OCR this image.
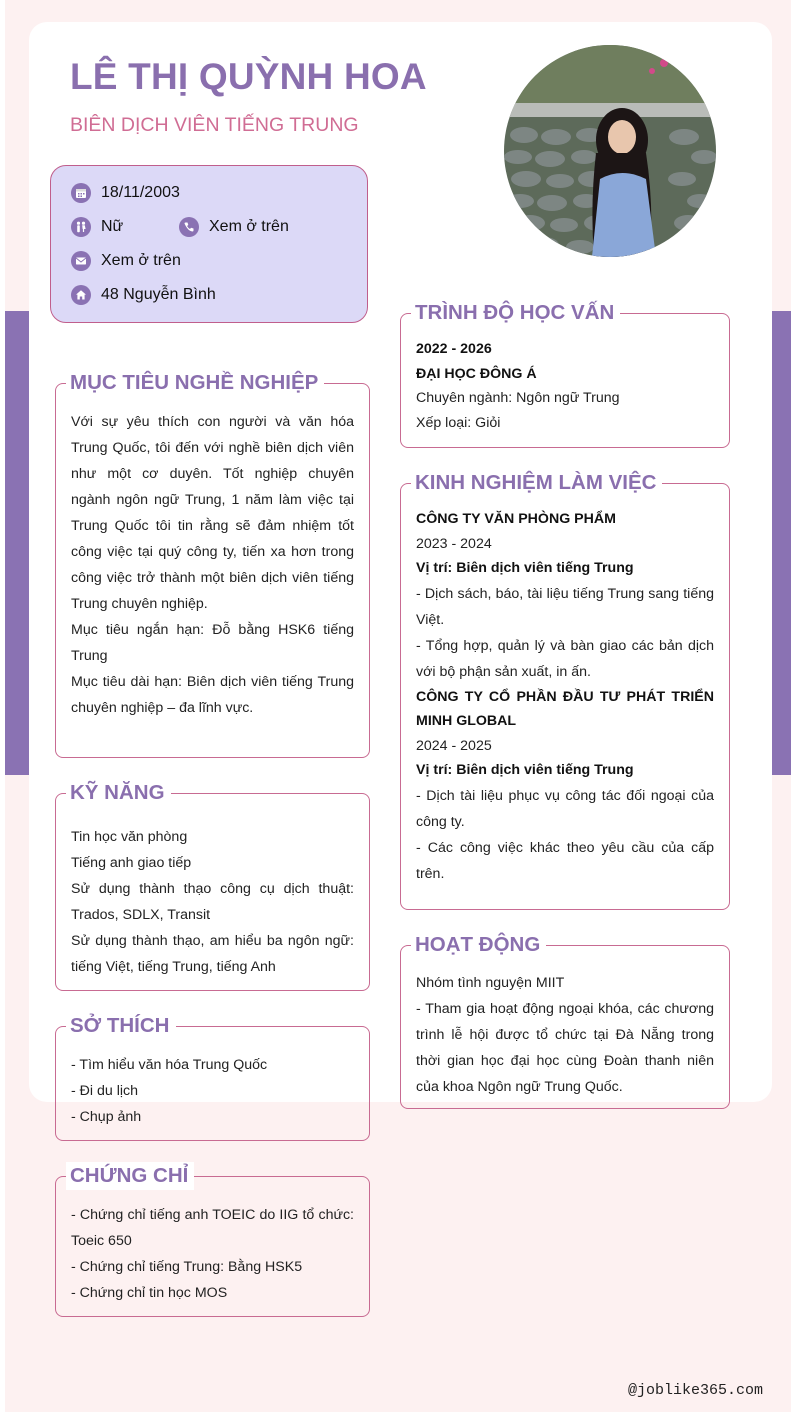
LÊ THỊ QUỲNH HOA
BIÊN DỊCH VIÊN TIẾNG TRUNG
18/11/2003
Nữ	Xem ở trên
Xem ở trên
48 Nguyễn Bình
MỤC TIÊU NGHỀ NGHIỆP

Với sự yêu thích con người và văn hóa Trung Quốc, tôi đến với nghề biên dịch viên như một cơ duyên. Tốt nghiệp chuyên ngành ngôn ngữ Trung, 1 năm làm việc tại Trung Quốc tôi tin rằng sẽ đảm nhiệm tốt công việc tại quý công ty, tiến xa hơn trong công việc trở thành một biên dịch viên tiếng Trung chuyên nghiệp.

Mục tiêu ngắn hạn: Đỗ bằng HSK6 tiếng Trung

Mục tiêu dài hạn: Biên dịch viên tiếng Trung chuyên nghiệp – đa lĩnh vực.

KỸ NĂNG

Tin học văn phòng

Tiếng anh giao tiếp

Sử dụng thành thạo công cụ dịch thuật: Trados, SDLX, Transit

Sử dụng thành thạo, am hiểu ba ngôn ngữ: tiếng Việt, tiếng Trung, tiếng Anh

SỞ THÍCH

- Tìm hiểu văn hóa Trung Quốc

- Đi du lịch

- Chụp ảnh

CHỨNG CHỈ

- Chứng chỉ tiếng anh TOEIC do IIG tổ chức: Toeic 650

- Chứng chỉ tiếng Trung: Bằng HSK5

- Chứng chỉ tin học MOS

TRÌNH ĐỘ HỌC VẤN

2022 - 2026

ĐẠI HỌC ĐÔNG Á

Chuyên ngành: Ngôn ngữ Trung

Xếp loại: Giỏi

KINH NGHIỆM LÀM VIỆC

CÔNG TY VĂN PHÒNG PHẨM

2023 - 2024

Vị trí: Biên dịch viên tiếng Trung

- Dịch sách, báo, tài liệu tiếng Trung sang tiếng Việt.

- Tổng hợp, quản lý và bàn giao các bản dịch với bộ phận sản xuất, in ấn.

CÔNG TY CỔ PHẦN ĐẦU TƯ PHÁT TRIỂN MINH GLOBAL

2024 - 2025

Vị trí: Biên dịch viên tiếng Trung

- Dịch tài liệu phục vụ công tác đối ngoại của công ty.

- Các công việc khác theo yêu cầu của cấp trên.

HOẠT ĐỘNG

Nhóm tình nguyện MIIT

- Tham gia hoạt động ngoại khóa, các chương trình lễ hội được tổ chức tại Đà Nẵng trong thời gian học đại học cùng Đoàn thanh niên của khoa Ngôn ngữ Trung Quốc.

@joblike365.com
